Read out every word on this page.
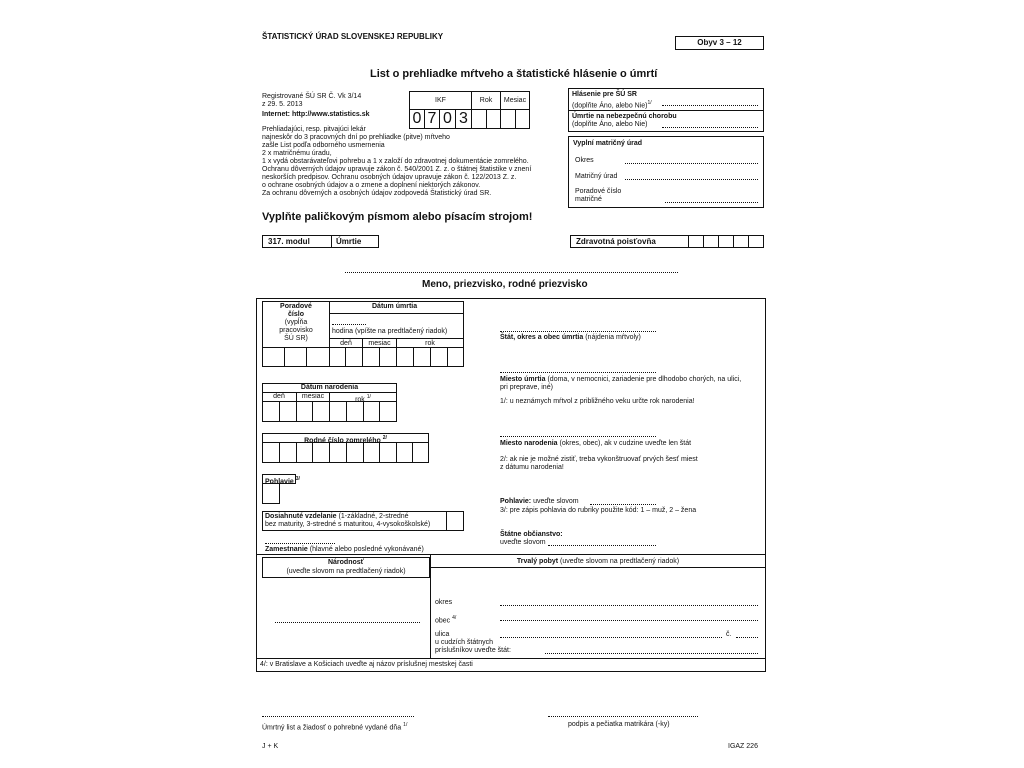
ŠTATISTICKÝ ÚRAD SLOVENSKEJ REPUBLIKY
Obyv 3 – 12
List o prehliadke mŕtveho a štatistické hlásenie o úmrtí
Registrované ŠÚ SR Č. Vk 3/14
z 29. 5. 2013
Internet: http://www.statistics.sk
IKF	Rok	Mesiac
0 7 0 3
Hlásenie pre ŠÚ SR
(doplňte Áno, alebo Nie)$^{1/}$
Úmrtie na nebezpečnú chorobu
(doplňte Áno, alebo Nie)
Prehliadajúci, resp. pitvajúci lekár
najneskôr do 3 pracovných dní po prehliadke (pitve) mŕtveho
zašle List podľa odborného usmernenia
2 x matričnému úradu,
1 x vydá obstarávateľovi pohrebu a 1 x založí do zdravotnej dokumentácie zomrelého.
Ochranu dôverných údajov upravuje zákon č. 540/2001 Z. z. o štátnej štatistike v znení
neskorších predpisov. Ochranu osobných údajov upravuje zákon č. 122/2013 Z. z.
o ochrane osobných údajov a o zmene a doplnení niektorých zákonov.
Za ochranu dôverných a osobných údajov zodpovedá Štatistický úrad SR.
Vyplní matričný úrad
Okres
Matričný úrad
Poradové číslo
matričné
Vyplňte paličkovým písmom alebo písacím strojom!
317. modul	Úmrtie	Zdravotná poisťovňa
Meno, priezvisko, rodné priezvisko
Poradové
číslo
(vypĺňa
pracovisko
ŠÚ SR)
Dátum úmrtia
hodina (vpíšte na predtlačený riadok)
deň	mesiac	rok
Dátum narodenia
deň	mesiac	rok $^{1/}$
Rodné číslo zomrelého $^{2/}$
Pohlavie $^{3/}$
Dosiahnuté vzdelanie (1-základné, 2-stredné
bez maturity, 3-stredné s maturitou, 4-vysokoškolské)
Zamestnanie (hlavné alebo posledné vykonávané)
Národnosť
(uveďte slovom na predtlačený riadok)
Štát, okres a obec úmrtia (nájdenia mŕtvoly)
Miesto úmrtia (doma, v nemocnici, zariadenie pre dlhodobo chorých, na ulici,
pri preprave, iné)
1/: u neznámych mŕtvol z približného veku určte rok narodenia!
Miesto narodenia (okres, obec), ak v cudzine uveďte len štát
2/: ak nie je možné zistiť, treba vykonštruovať prvých šesť miest
z dátumu narodenia!
Pohlavie: uveďte slovom
3/: pre zápis pohlavia do rubriky použite kód: 1 – muž, 2 – žena
Štátne občianstvo:
uveďte slovom
Trvalý pobyt (uveďte slovom na predtlačený riadok)
okres
obec $^{4/}$
ulica	č.
u cudzích štátnych
príslušníkov uveďte štát:
4/: v Bratislave a Košiciach uveďte aj názov príslušnej mestskej časti
Úmrtný list a žiadosť o pohrebné vydané dňa $^{1/}$	podpis a pečiatka matrikára (-ky)
J + K	IGAZ 226
